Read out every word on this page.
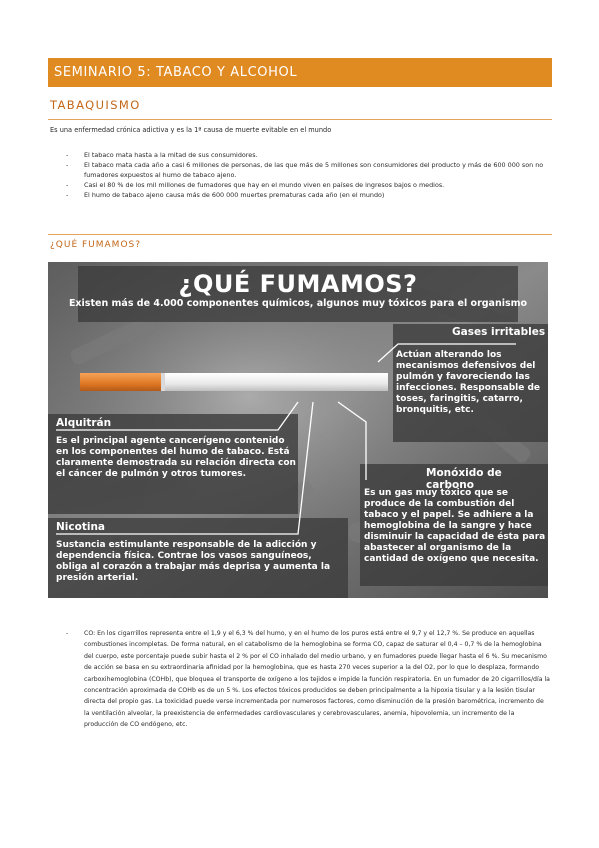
SEMINARIO 5: TABACO Y ALCOHOL
TABAQUISMO
Es una enfermedad crónica adictiva y es la 1ª causa de muerte evitable en el mundo
- El tabaco mata hasta a la mitad de sus consumidores.
- El tabaco mata cada año a casi 6 millones de personas, de las que más de 5 millones son consumidores del producto y más de 600 000 son no fumadores expuestos al humo de tabaco ajeno.
- Casi el 80 % de los mil millones de fumadores que hay en el mundo viven en países de ingresos bajos o medios.
- El humo de tabaco ajeno causa más de 600 000 muertes prematuras cada año (en el mundo)
¿QUÉ FUMAMOS?
¿QUÉ FUMAMOS?
Existen más de 4.000 componentes químicos, algunos muy tóxicos para el organismo
Gases irritables
Actúan alterando los mecanismos defensivos del pulmón y favoreciendo las infecciones. Responsable de toses, faringitis, catarro, bronquitis, etc.
Alquitrán
Es el principal agente cancerígeno contenido en los componentes del humo de tabaco. Está claramente demostrada su relación directa con el cáncer de pulmón y otros tumores.	Monóxido de carbono
Es un gas muy tóxico que se produce de la combustión del tabaco y el papel. Se adhiere a la hemoglobina de la sangre y hace disminuir la capacidad de ésta para abastecer al organismo de la cantidad de oxígeno que necesita.
Nicotina
Sustancia estimulante responsable de la adicción y dependencia física. Contrae los vasos sanguíneos, obliga al corazón a trabajar más deprisa y aumenta la presión arterial.
-	CO: En los cigarrillos representa entre el 1,9 y el 6,3 % del humo, y en el humo de los puros está entre el 9,7 y el 12,7 %. Se produce en aquellas combustiones incompletas. De forma natural, en el catabolismo de la hemoglobina se forma CO, capaz de saturar el 0,4 – 0,7 % de la hemoglobina del cuerpo, este porcentaje puede subir hasta el 2 % por el CO inhalado del medio urbano, y en fumadores puede llegar hasta el 6 %. Su mecanismo de acción se basa en su extraordinaria afinidad por la hemoglobina, que es hasta 270 veces superior a la del O2, por lo que lo desplaza, formando carboxihemoglobina (COHb), que bloquea el transporte de oxígeno a los tejidos e impide la función respiratoria. En un fumador de 20 cigarrillos/día la concentración aproximada de COHb es de un 5 %. Los efectos tóxicos producidos se deben principalmente a la hipoxia tisular y a la lesión tisular directa del propio gas. La toxicidad puede verse incrementada por numerosos factores, como disminución de la presión barométrica, incremento de la ventilación alveolar, la preexistencia de enfermedades cardiovasculares y cerebrovasculares, anemia, hipovolemia, un incremento de la producción de CO endógeno, etc.
